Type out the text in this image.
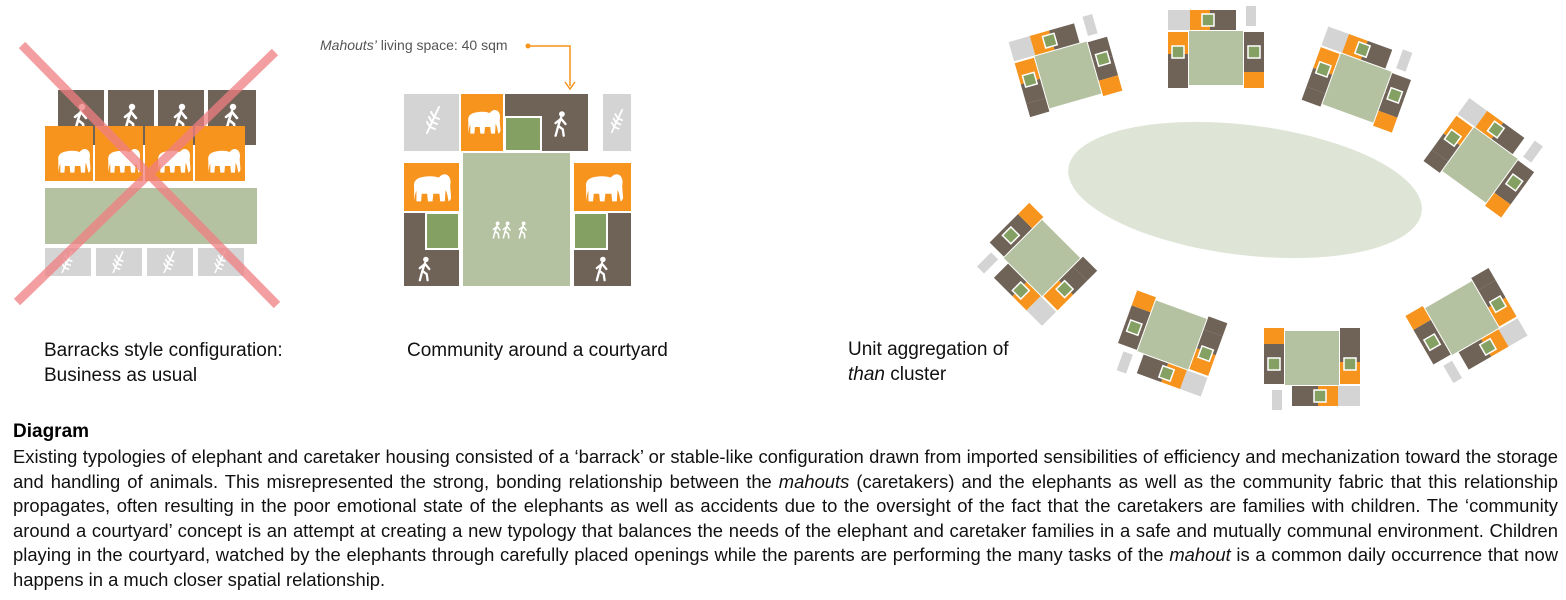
Mahouts’ living space: 40 sqm
Barracks style configuration:
Business as usual
Community around a courtyard	Unit aggregation of
than cluster
Diagram
Existing typologies of elephant and caretaker housing consisted of a ‘barrack’ or stable-like configuration drawn from imported sensibilities of efficiency and mechanization toward the storage and handling of animals. This misrepresented the strong, bonding relationship between the mahouts (caretakers) and the elephants as well as the community fabric that this relationship propagates, often resulting in the poor emotional state of the elephants as well as accidents due to the oversight of the fact that the caretakers are families with children. The ‘community around a courtyard’ concept is an attempt at creating a new typology that balances the needs of the elephant and caretaker families in a safe and mutually communal environment. Children playing in the courtyard, watched by the elephants through carefully placed openings while the parents are performing the many tasks of the mahout is a common daily occurrence that now happens in a much closer spatial relationship.
